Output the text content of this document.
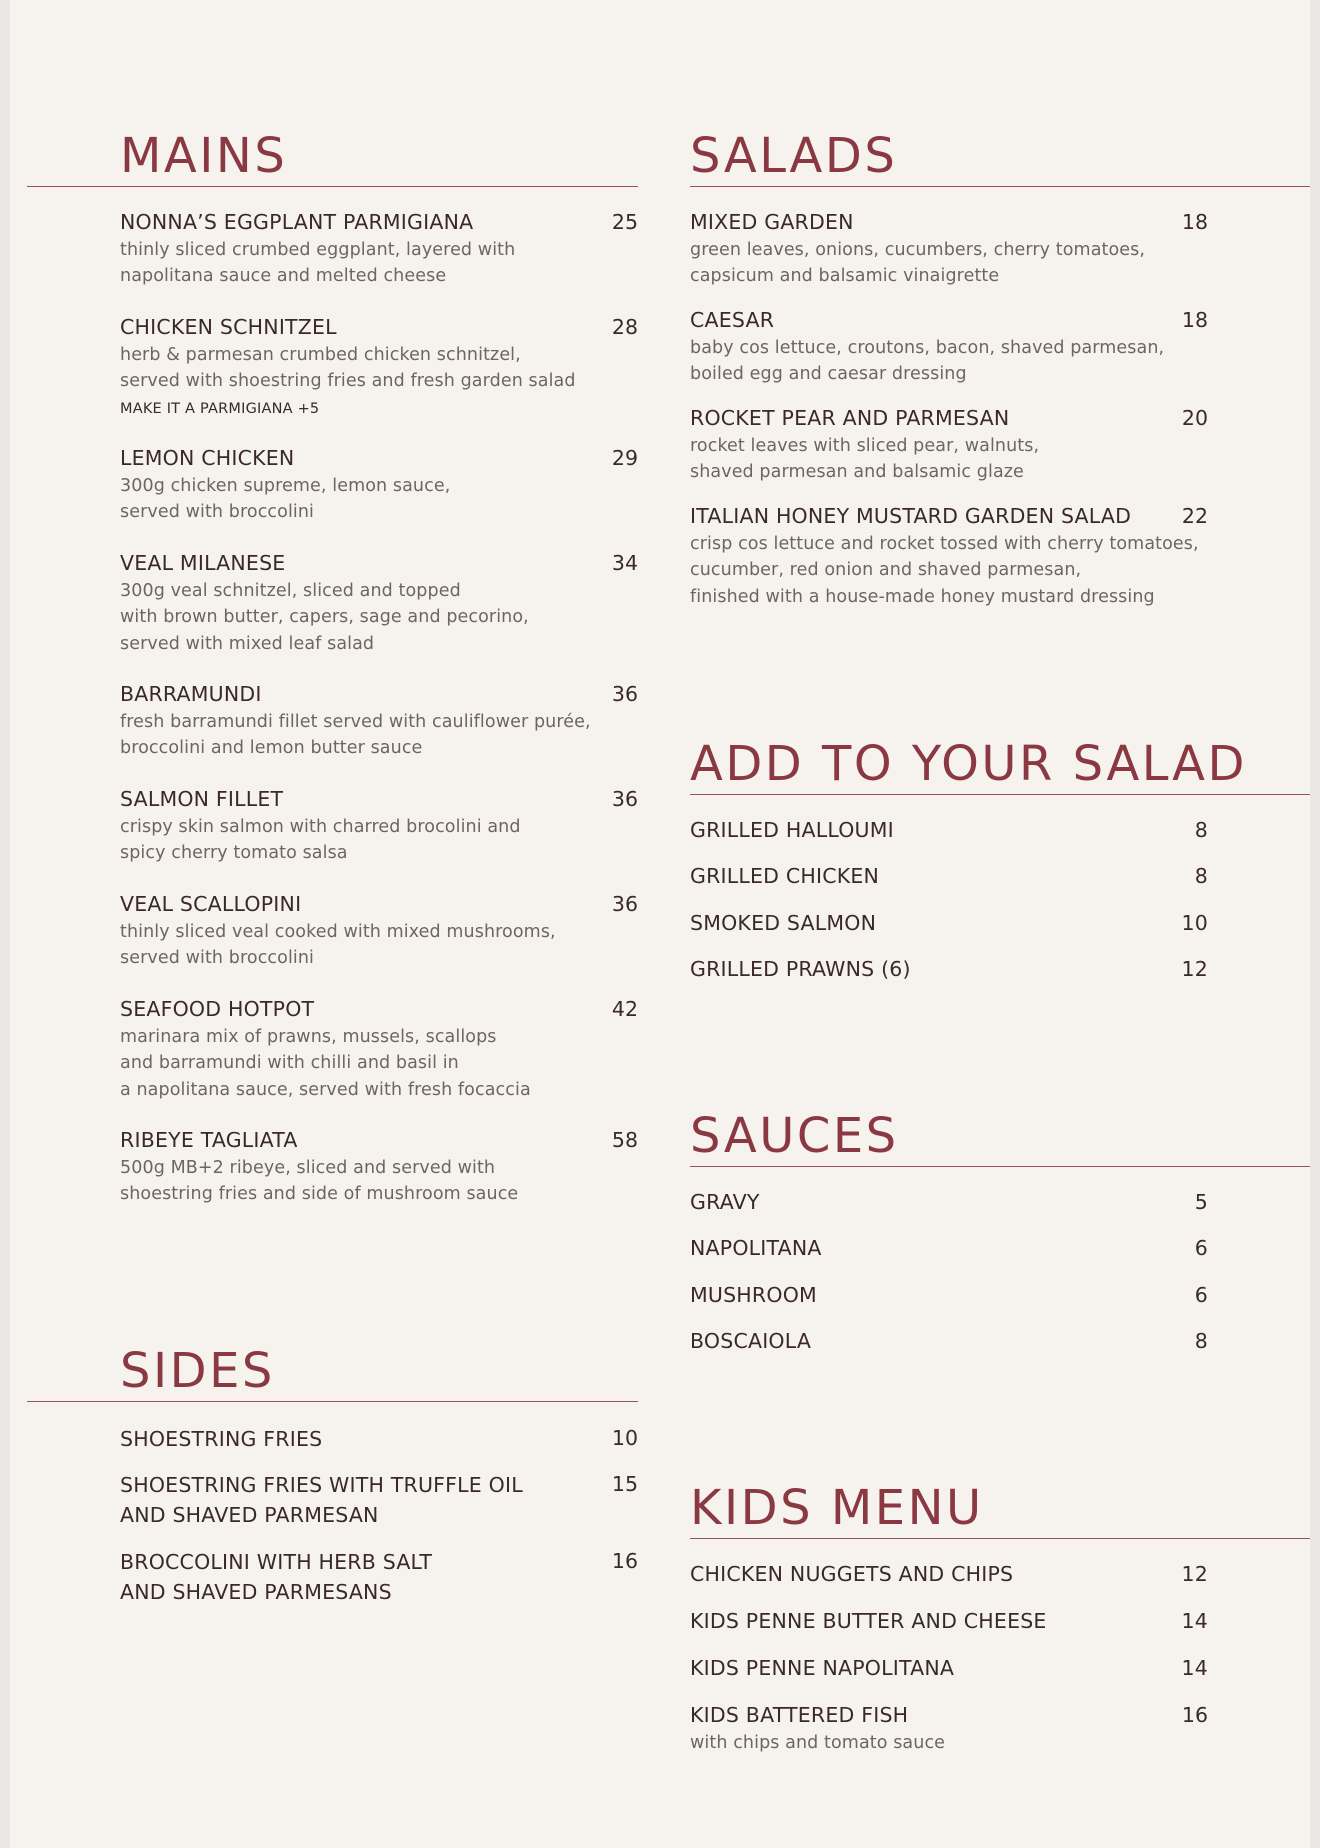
MAINS
NONNA’S EGGPLANT PARMIGIANA	25
thinly sliced crumbed eggplant, layered with
napolitana sauce and melted cheese
CHICKEN SCHNITZEL	28
herb & parmesan crumbed chicken schnitzel,
served with shoestring fries and fresh garden salad
MAKE IT A PARMIGIANA +5
LEMON CHICKEN	29
300g chicken supreme, lemon sauce,
served with broccolini
VEAL MILANESE	34
300g veal schnitzel, sliced and topped
with brown butter, capers, sage and pecorino,
served with mixed leaf salad
BARRAMUNDI	36
fresh barramundi fillet served with cauliflower purée,
broccolini and lemon butter sauce
SALMON FILLET	36
crispy skin salmon with charred brocolini and
spicy cherry tomato salsa
VEAL SCALLOPINI	36
thinly sliced veal cooked with mixed mushrooms,
served with broccolini
SEAFOOD HOTPOT	42
marinara mix of prawns, mussels, scallops
and barramundi with chilli and basil in
a napolitana sauce, served with fresh focaccia
RIBEYE TAGLIATA	58
500g MB+2 ribeye, sliced and served with
shoestring fries and side of mushroom sauce
SIDES
SHOESTRING FRIES	10
SHOESTRING FRIES WITH TRUFFLE OIL
AND SHAVED PARMESAN
15
BROCCOLINI WITH HERB SALT
AND SHAVED PARMESANS
16
SALADS
MIXED GARDEN	18
green leaves, onions, cucumbers, cherry tomatoes,
capsicum and balsamic vinaigrette
CAESAR	18
baby cos lettuce, croutons, bacon, shaved parmesan,
boiled egg and caesar dressing
ROCKET PEAR AND PARMESAN	20
rocket leaves with sliced pear, walnuts,
shaved parmesan and balsamic glaze
ITALIAN HONEY MUSTARD GARDEN SALAD	22
crisp cos lettuce and rocket tossed with cherry tomatoes,
cucumber, red onion and shaved parmesan,
finished with a house-made honey mustard dressing
ADD TO YOUR SALAD
GRILLED HALLOUMI	8
GRILLED CHICKEN	8
SMOKED SALMON	10
GRILLED PRAWNS (6)	12
SAUCES
GRAVY	5
NAPOLITANA	6
MUSHROOM	6
BOSCAIOLA	8
KIDS MENU
CHICKEN NUGGETS AND CHIPS	12
KIDS PENNE BUTTER AND CHEESE	14
KIDS PENNE NAPOLITANA	14
KIDS BATTERED FISH	16
with chips and tomato sauce
